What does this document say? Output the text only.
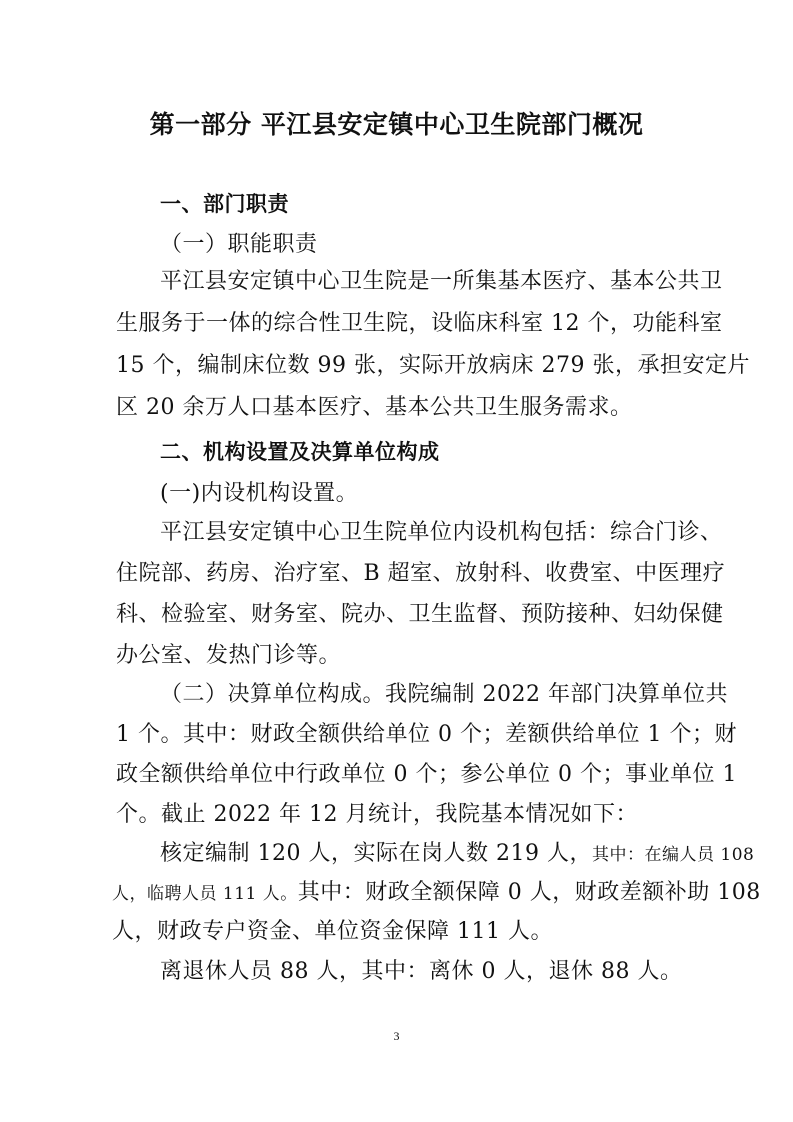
第一部分 平江县安定镇中心卫生院部门概况
一、部门职责
（一）职能职责
平江县安定镇中心卫生院是一所集基本医疗、基本公共卫
生服务于一体的综合性卫生院，设临床科室 12 个，功能科室
15 个，编制床位数 99 张，实际开放病床 279 张，承担安定片
区 20 余万人口基本医疗、基本公共卫生服务需求。
二、机构设置及决算单位构成
(一)内设机构设置。
平江县安定镇中心卫生院单位内设机构包括：综合门诊、
住院部、药房、治疗室、B 超室、放射科、收费室、中医理疗
科、检验室、财务室、院办、卫生监督、预防接种、妇幼保健
办公室、发热门诊等。
（二）决算单位构成。我院编制 2022 年部门决算单位共
1 个。其中：财政全额供给单位 0 个；差额供给单位 1 个；财
政全额供给单位中行政单位 0 个；参公单位 0 个；事业单位 1
个。截止 2022 年 12 月统计，我院基本情况如下：
核定编制 120 人，实际在岗人数 219 人，其中：在编人员 108
人，临聘人员 111 人。其中：财政全额保障 0 人，财政差额补助 108
人，财政专户资金、单位资金保障 111 人。
离退休人员 88 人，其中：离休 0 人，退休 88 人。
3
